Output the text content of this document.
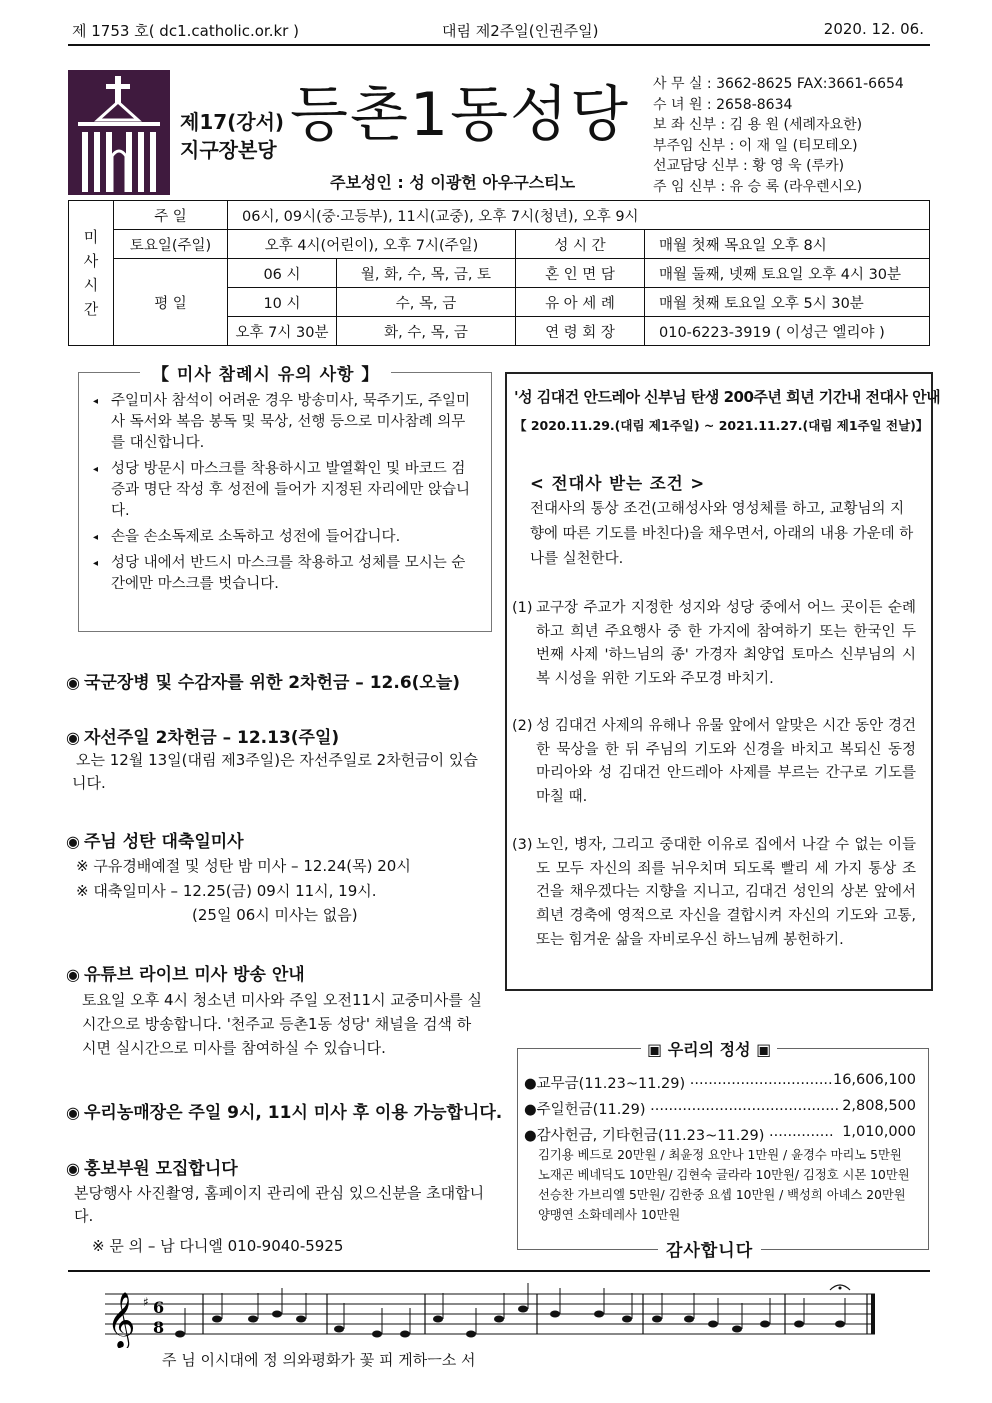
제 1753 호( dc1.catholic.or.kr )	대림 제2주일(인권주일)	2020. 12. 06.
제17(강서)
지구장본당 등촌1동성당
주보성인 : 성 이광헌 아우구스티노
사 무 실 : 3662-8625 FAX:3661-6654
수 녀 원 : 2658-8634
보 좌 신부 : 김 용 원 (세례자요한)
부주임 신부 : 이 재 일 (티모테오)
선교담당 신부 : 황 영 욱 (루카)
주 임 신부 : 유 승 록 (라우렌시오)
미
사
시
간	주 일	06시, 09시(중·고등부), 11시(교중), 오후 7시(청년), 오후 9시			
	토요일(주일)	오후 4시(어린이), 오후 7시(주일)		성 시 간	매월 첫째 목요일 오후 8시
	평 일	06 시	월, 화, 수, 목, 금, 토	혼 인 면 담	매월 둘째, 넷째 토요일 오후 4시 30분
		10 시	수, 목, 금	유 아 세 례	매월 첫째 토요일 오후 5시 30분
		오후 7시 30분	화, 수, 목, 금	연 령 회 장	010-6223-3919 ( 이성근 엘리야 )
◂ 주일미사 참석이 어려운 경우 방송미사, 묵주기도, 주일미사 독서와 복음 봉독 및 묵상, 선행 등으로 미사참례 의무를 대신합니다.
◂ 성당 방문시 마스크를 착용하시고 발열확인 및 바코드 검증과 명단 작성 후 성전에 들어가 지정된 자리에만 앉습니다.
◂ 손을 손소독제로 소독하고 성전에 들어갑니다.
◂ 성당 내에서 반드시 마스크를 착용하고 성체를 모시는 순간에만 마스크를 벗습니다.
【 미사 참례시 유의 사항 】
◉ 국군장병 및 수감자를 위한 2차헌금 – 12.6(오늘)
◉ 자선주일 2차헌금 – 12.13(주일)
오는 12월 13일(대림 제3주일)은 자선주일로 2차헌금이 있습니다.
◉ 주님 성탄 대축일미사
※ 구유경배예절 및 성탄 밤 미사 – 12.24(목) 20시
※ 대축일미사 – 12.25(금) 09시 11시, 19시.
(25일 06시 미사는 없음)
◉ 유튜브 라이브 미사 방송 안내
토요일 오후 4시 청소년 미사와 주일 오전11시 교중미사를 실시간으로 방송합니다. '천주교 등촌1동 성당' 채널을 검색 하시면 실시간으로 미사를 참여하실 수 있습니다.
◉ 우리농매장은 주일 9시, 11시 미사 후 이용 가능합니다.
◉ 홍보부원 모집합니다
본당행사 사진촬영, 홈페이지 관리에 관심 있으신분을 초대합니다.
※ 문 의 – 남 다니엘 010-9040-5925
'성 김대건 안드레아 신부님 탄생 200주년 희년 기간내 전대사 안내
【 2020.11.29.(대림 제1주일) ~ 2021.11.27.(대림 제1주일 전날)】
< 전대사 받는 조건 >
전대사의 통상 조건(고해성사와 영성체를 하고, 교황님의 지향에 따른 기도를 바친다)을 채우면서, 아래의 내용 가운데 하나를 실천한다.
(1) 교구장 주교가 지정한 성지와 성당 중에서 어느 곳이든 순례하고 희년 주요행사 중 한 가지에 참여하기 또는 한국인 두 번째 사제 '하느님의 종' 가경자 최양업 토마스 신부님의 시복 시성을 위한 기도와 주모경 바치기.
(2) 성 김대건 사제의 유해나 유물 앞에서 알맞은 시간 동안 경건한 묵상을 한 뒤 주님의 기도와 신경을 바치고 복되신 동정 마리아와 성 김대건 안드레아 사제를 부르는 간구로 기도를 마칠 때.
(3) 노인, 병자, 그리고 중대한 이유로 집에서 나갈 수 없는 이들도 모두 자신의 죄를 뉘우치며 되도록 빨리 세 가지 통상 조건을 채우겠다는 지향을 지니고, 김대건 성인의 상본 앞에서 희년 경축에 영적으로 자신을 결합시켜 자신의 기도와 고통, 또는 힘겨운 삶을 자비로우신 하느님께 봉헌하기.
▣ 우리의 정성 ▣
●교무금(11.23~11.29) ······························· 16,606,100
●주일헌금(11.29) ········································· 2,808,500
●감사헌금, 기타헌금(11.23~11.29) ·············· 1,010,000
김기용 베드로 20만원 / 최윤정 요안나 1만원 / 윤경수 마리노 5만원
노재곤 베네딕도 10만원/ 김현숙 글라라 10만원/ 김정호 시몬 10만원
선승찬 가브리엘 5만원/ 김한중 요셉 10만원 / 백성희 아녜스 20만원
양맹연 소화데레사 10만원
감사합니다
𝄞 ♯ 6
8
주 님 이시대에 정 의와평화가 꽃 피 게하ㅡ소 서
